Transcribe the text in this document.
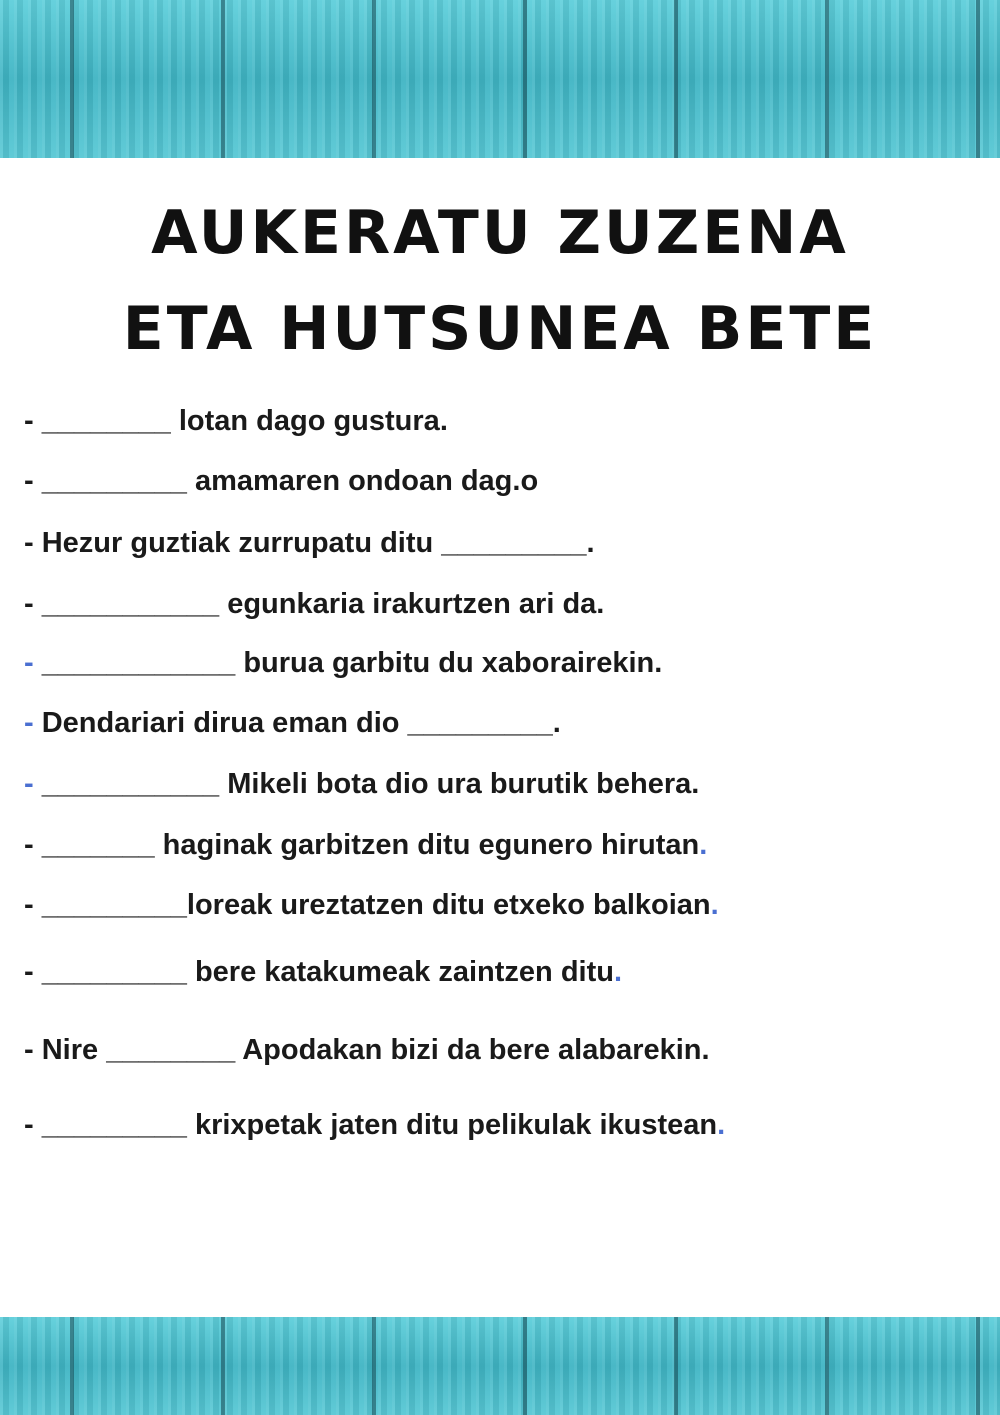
AUKERATU ZUZENA
ETA HUTSUNEA BETE
- ________ lotan dago gustura.
- _________ amamaren ondoan dag.o
- Hezur guztiak zurrupatu ditu _________.
- ___________ egunkaria irakurtzen ari da.
- ____________ burua garbitu du xaborairekin.
- Dendariari dirua eman dio _________.
- ___________ Mikeli bota dio ura burutik behera.
- _______ haginak garbitzen ditu egunero hirutan.
- _________loreak ureztatzen ditu etxeko balkoian.
- _________ bere katakumeak zaintzen ditu.
- Nire ________ Apodakan bizi da bere alabarekin.
- _________ krixpetak jaten ditu pelikulak ikustean.
